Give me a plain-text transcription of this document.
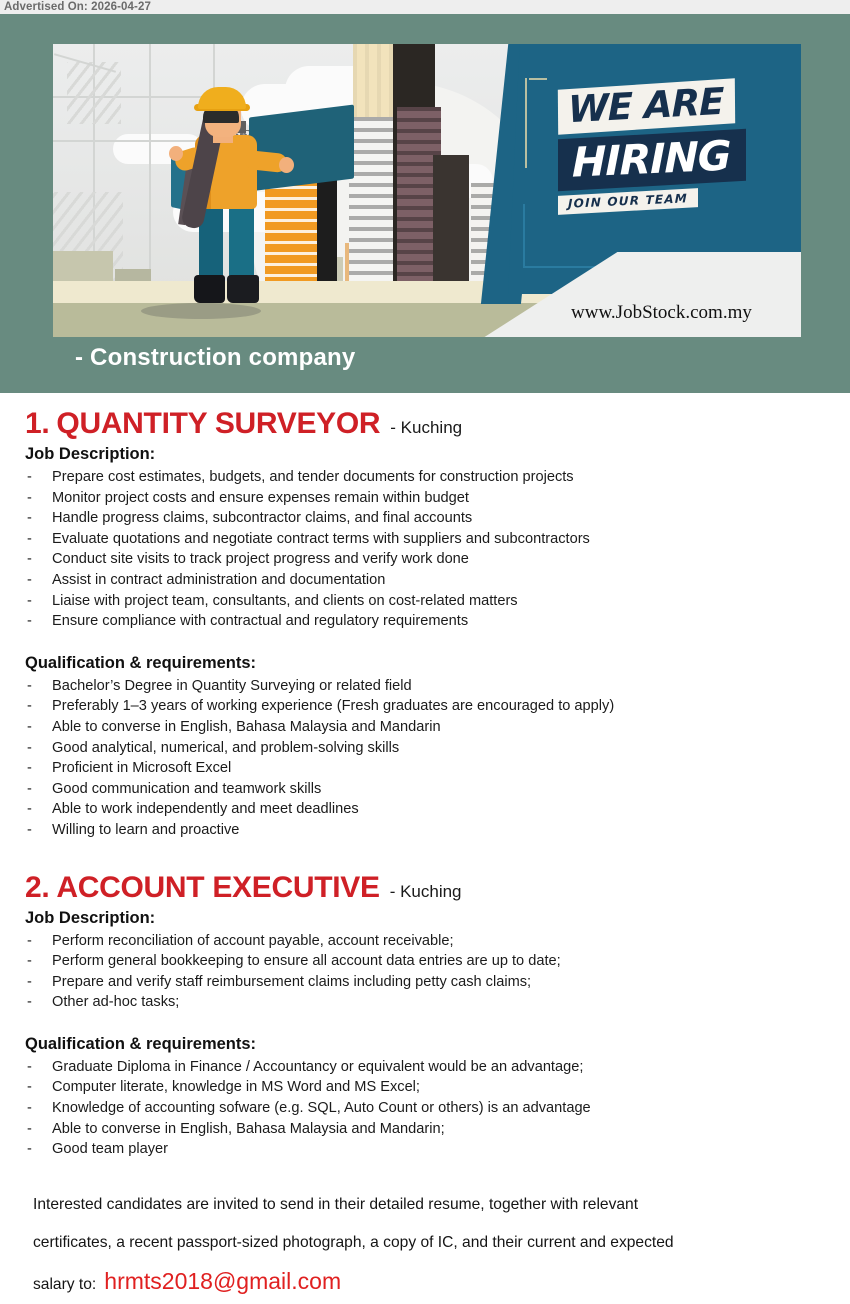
Advertised On: 2026-04-27
WE ARE

HIRING

JOIN OUR TEAM
www.JobStock.com.my
- Construction company
1. QUANTITY SURVEYOR - Kuching
Job Description:
- Prepare cost estimates, budgets, and tender documents for construction projects
- Monitor project costs and ensure expenses remain within budget
- Handle progress claims, subcontractor claims, and final accounts
- Evaluate quotations and negotiate contract terms with suppliers and subcontractors
- Conduct site visits to track project progress and verify work done
- Assist in contract administration and documentation
- Liaise with project team, consultants, and clients on cost-related matters
- Ensure compliance with contractual and regulatory requirements
Qualification & requirements:
- Bachelor’s Degree in Quantity Surveying or related field
- Preferably 1–3 years of working experience (Fresh graduates are encouraged to apply)
- Able to converse in English, Bahasa Malaysia and Mandarin
- Good analytical, numerical, and problem-solving skills
- Proficient in Microsoft Excel
- Good communication and teamwork skills
- Able to work independently and meet deadlines
- Willing to learn and proactive
2. ACCOUNT EXECUTIVE - Kuching
Job Description:
- Perform reconciliation of account payable, account receivable;
- Perform general bookkeeping to ensure all account data entries are up to date;
- Prepare and verify staff reimbursement claims including petty cash claims;
- Other ad-hoc tasks;
Qualification & requirements:
- Graduate Diploma in Finance / Accountancy or equivalent would be an advantage;
- Computer literate, knowledge in MS Word and MS Excel;
- Knowledge of accounting sofware (e.g. SQL, Auto Count or others) is an advantage
- Able to converse in English, Bahasa Malaysia and Mandarin;
- Good team player

Interested candidates are invited to send in their detailed resume, together with relevant

certificates, a recent passport-sized photograph, a copy of IC, and their current and expected

salary to: hrmts2018@gmail.com
